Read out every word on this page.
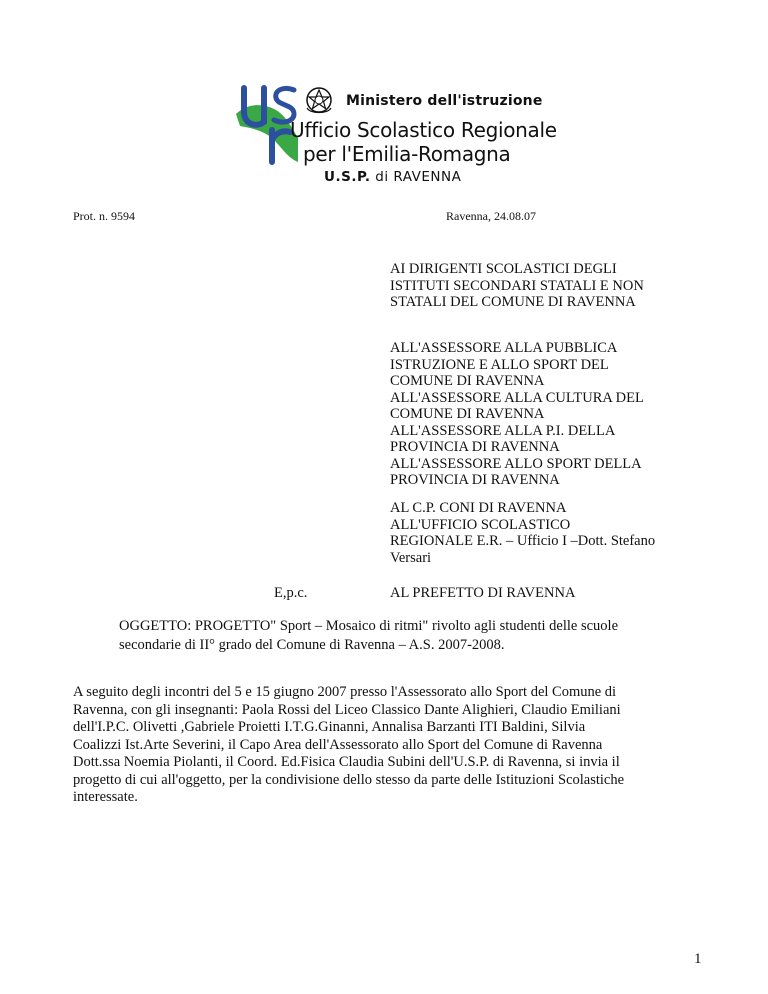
Ministero dell'istruzione
Ufficio Scolastico Regionale
per l'Emilia-Romagna
U.S.P. di RAVENNA
Prot. n. 9594	Ravenna, 24.08.07
AI DIRIGENTI SCOLASTICI DEGLI
ISTITUTI SECONDARI STATALI E NON
STATALI DEL COMUNE DI RAVENNA
ALL'ASSESSORE ALLA PUBBLICA
ISTRUZIONE E ALLO SPORT DEL
COMUNE DI RAVENNA
ALL'ASSESSORE ALLA CULTURA DEL
COMUNE DI RAVENNA
ALL'ASSESSORE ALLA P.I. DELLA
PROVINCIA DI RAVENNA
ALL'ASSESSORE ALLO SPORT DELLA
PROVINCIA DI RAVENNA
AL C.P. CONI DI RAVENNA
ALL'UFFICIO SCOLASTICO
REGIONALE E.R. – Ufficio I –Dott. Stefano
Versari
E,p.c.	AL PREFETTO DI RAVENNA
OGGETTO: PROGETTO" Sport – Mosaico di ritmi" rivolto agli studenti delle scuole
secondarie di II° grado del Comune di Ravenna – A.S. 2007-2008.
A seguito degli incontri del 5 e 15 giugno 2007 presso l'Assessorato allo Sport del Comune di
Ravenna, con gli insegnanti: Paola Rossi del Liceo Classico Dante Alighieri, Claudio Emiliani
dell'I.P.C. Olivetti ,Gabriele Proietti I.T.G.Ginanni, Annalisa Barzanti ITI Baldini, Silvia
Coalizzi Ist.Arte Severini, il Capo Area dell'Assessorato allo Sport del Comune di Ravenna
Dott.ssa Noemia Piolanti, il Coord. Ed.Fisica Claudia Subini dell'U.S.P. di Ravenna, si invia il
progetto di cui all'oggetto, per la condivisione dello stesso da parte delle Istituzioni Scolastiche
interessate.
1
